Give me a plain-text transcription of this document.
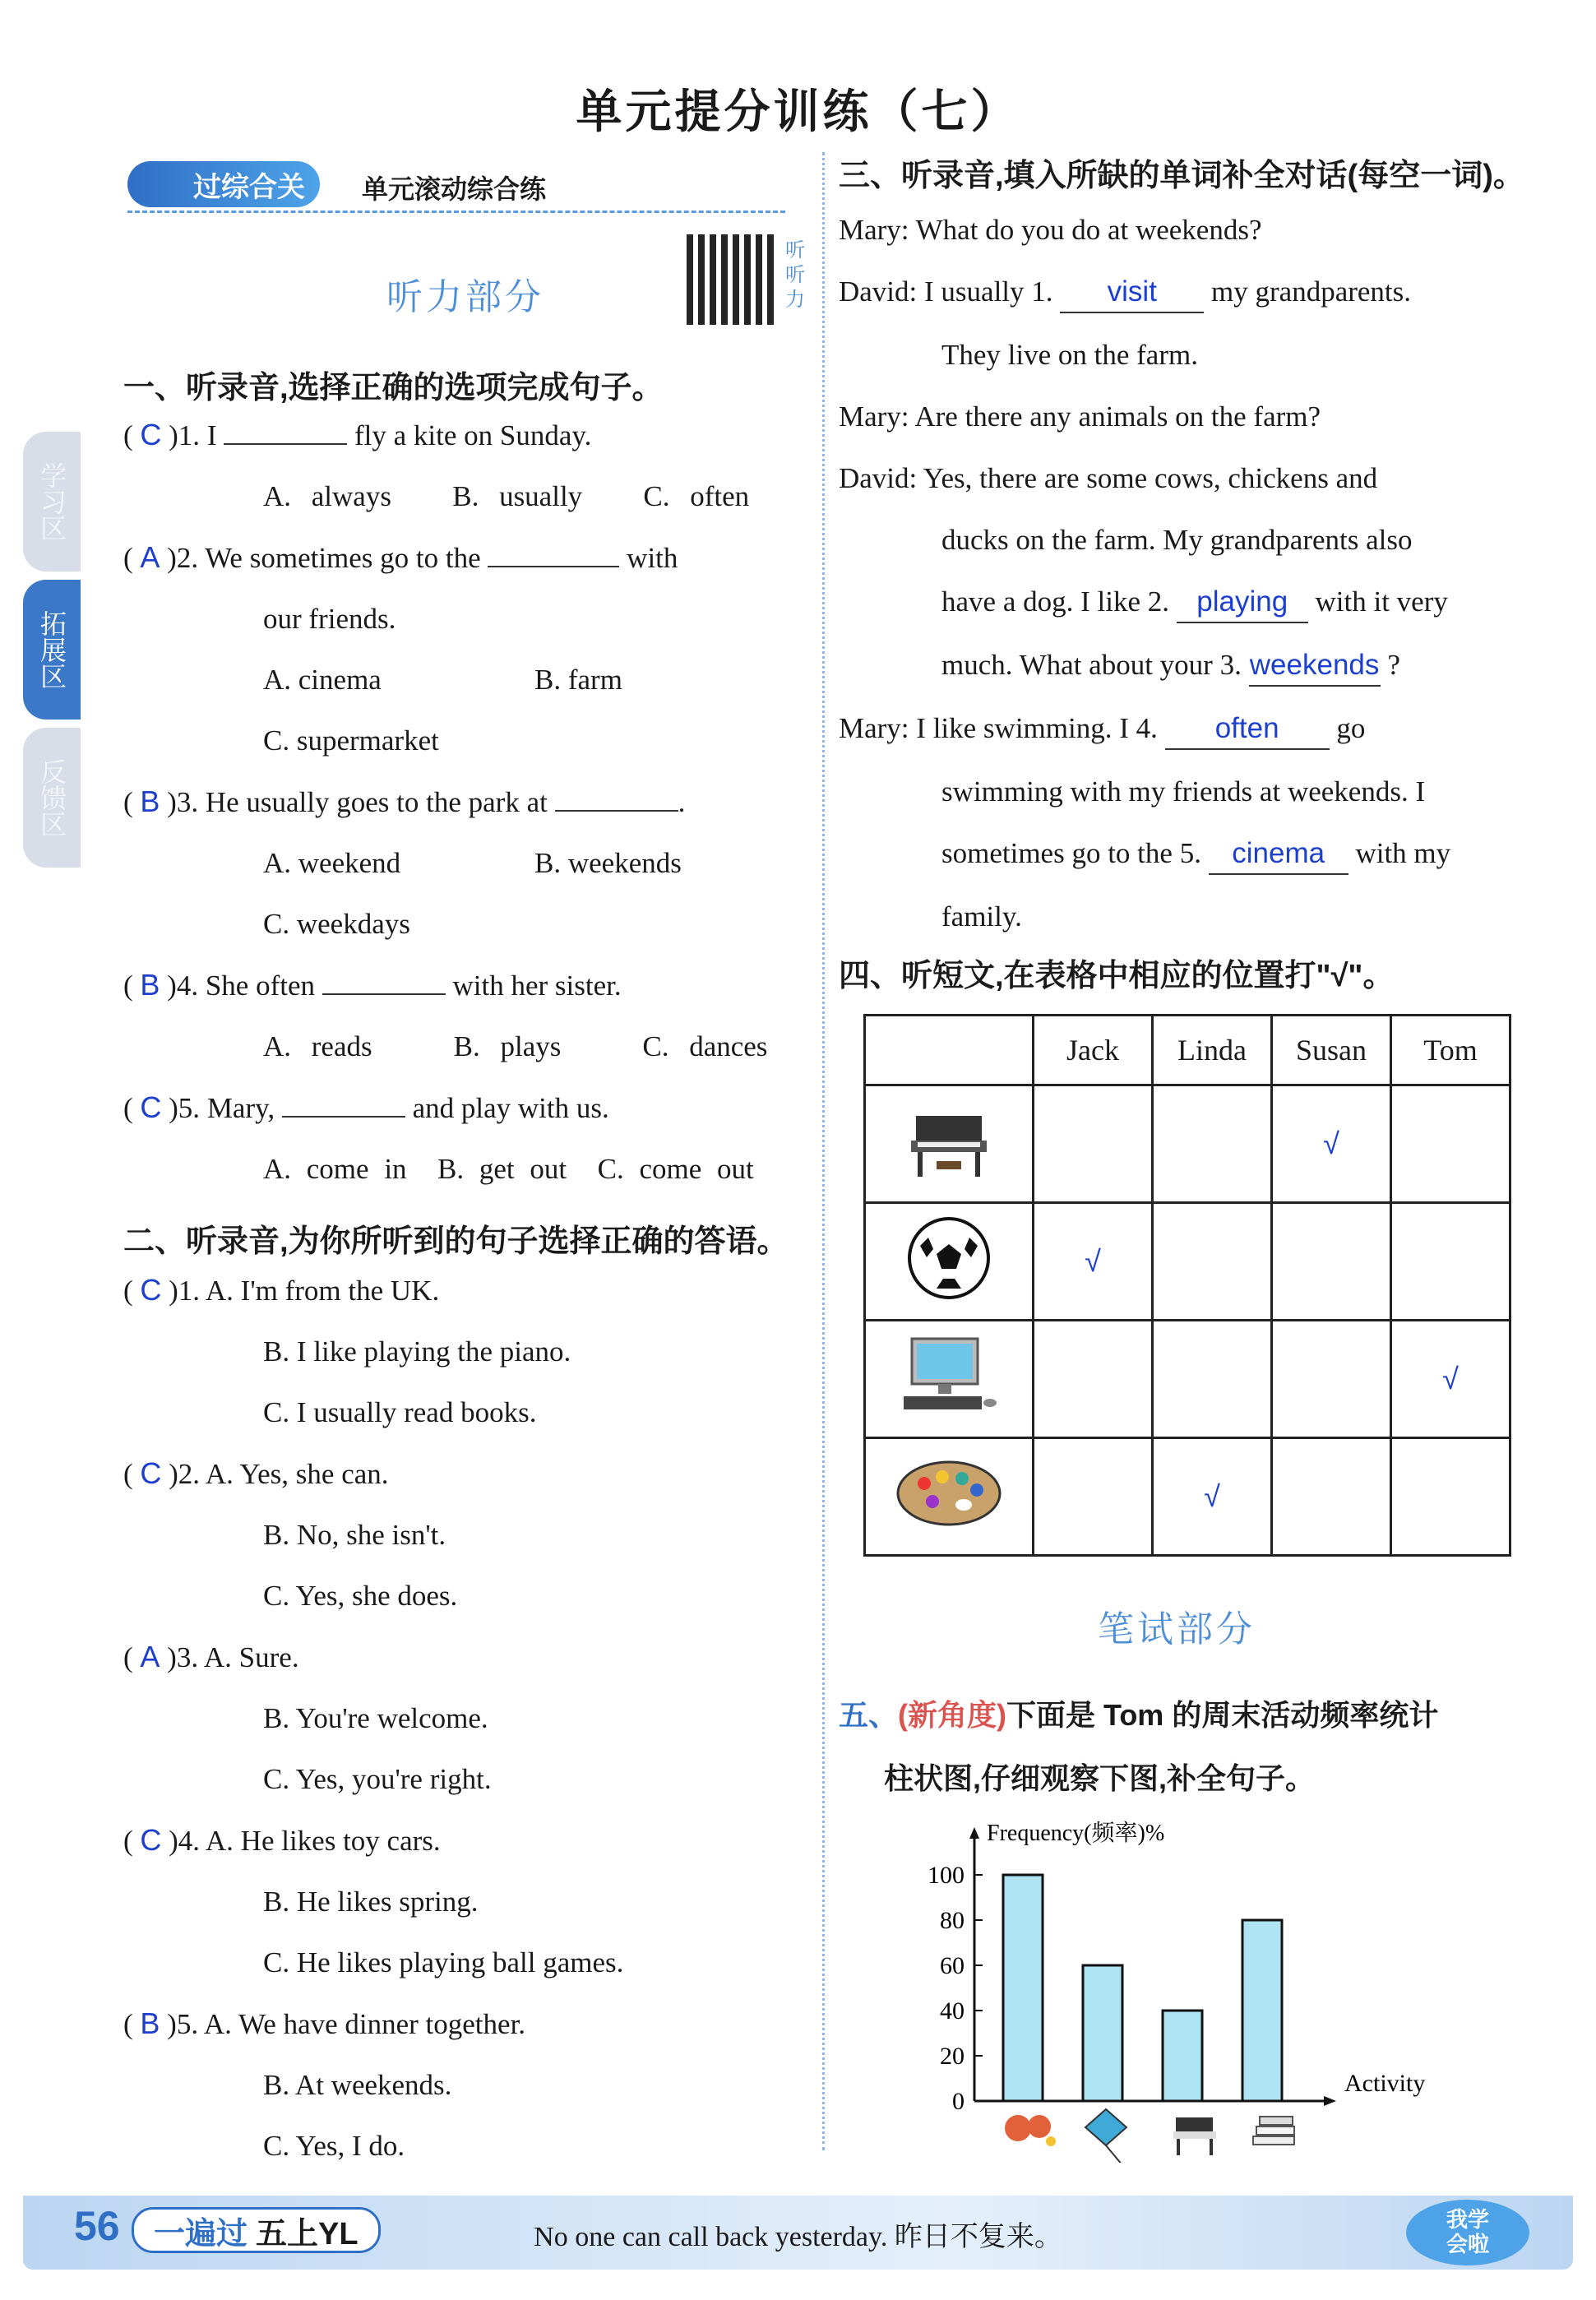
单元提分训练（七）
学习区
拓展区
反馈区
过综合关	单元滚动综合练
听力部分
听听力
一、听录音,选择正确的选项完成句子。
( C )1. I	fly a kite on Sunday.
A. always B. usually C. often
( A )2. We sometimes go to the	with
our friends.
A. cinema	B. farm
C. supermarket
( B )3. He usually goes to the park at	.
A. weekend	B. weekends
C. weekdays
( B )4. She often	with her sister.
A. reads	B. plays	C. dances
( C )5. Mary,	and play with us.
A. come in B. get out C. come out
二、听录音,为你所听到的句子选择正确的答语。
( C )1. A. I'm from the UK.
B. I like playing the piano.
C. I usually read books.
( C )2. A. Yes, she can.
B. No, she isn't.
C. Yes, she does.
( A )3. A. Sure.
B. You're welcome.
C. Yes, you're right.
( C )4. A. He likes toy cars.
B. He likes spring.
C. He likes playing ball games.
( B )5. A. We have dinner together.
B. At weekends.
C. Yes, I do.
三、听录音,填入所缺的单词补全对话(每空一词)。
Mary: What do you do at weekends?
David: I usually 1. visit my grandparents.
They live on the farm.
Mary: Are there any animals on the farm?
David: Yes, there are some cows, chickens and
ducks on the farm. My grandparents also
have a dog. I like 2. playing with it very
much. What about your 3. weekends ?
Mary: I like swimming. I 4. often go
swimming with my friends at weekends. I
sometimes go to the 5. cinema with my
family.
四、听短文,在表格中相应的位置打"√"。
	Jack	Linda	Susan	Tom
			√	
	√			
				√
		√		
笔试部分
五、(新角度)下面是 Tom 的周末活动频率统计
柱状图,仔细观察下图,补全句子。
Frequency(频率)%
Activity
100
80
60
40
20
0
56 一遍过 五上YL	No one can call back yesterday. 昨日不复来。
我学会啦
